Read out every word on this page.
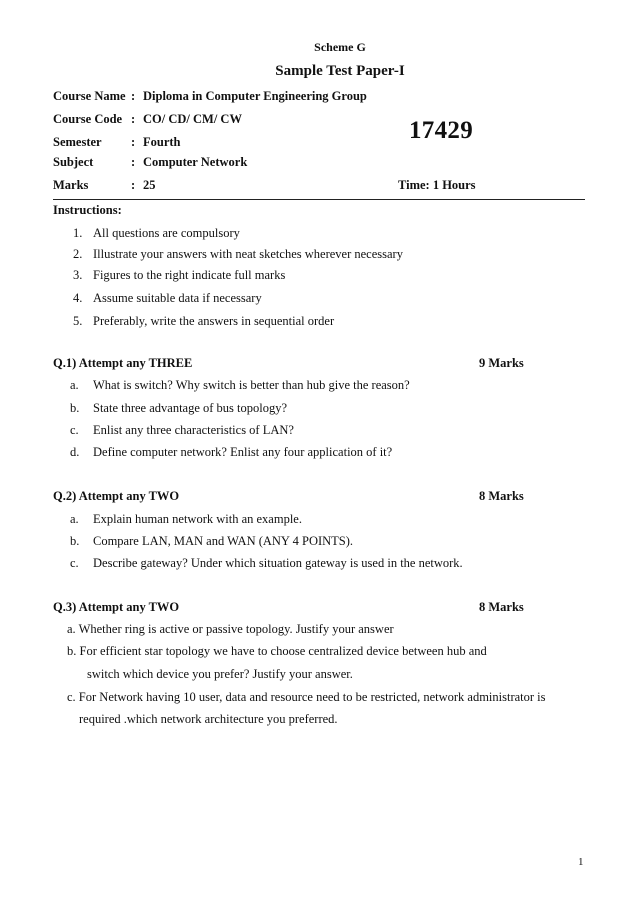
Scheme G
Sample Test Paper-I
Course Name : Diploma in Computer Engineering Group
Course Code : CO/ CD/ CM/ CW
Semester : Fourth
Subject	: Computer Network
Marks	: 25
17429
Time: 1 Hours
Instructions:
1. All questions are compulsory
2. Illustrate your answers with neat sketches wherever necessary
3. Figures to the right indicate full marks
4. Assume suitable data if necessary
5. Preferably, write the answers in sequential order
Q.1) Attempt any THREE	9 Marks
a. What is switch? Why switch is better than hub give the reason?
b. State three advantage of bus topology?
c. Enlist any three characteristics of LAN?
d. Define computer network? Enlist any four application of it?
Q.2) Attempt any TWO	8 Marks
a. Explain human network with an example.
b. Compare LAN, MAN and WAN (ANY 4 POINTS).
c. Describe gateway? Under which situation gateway is used in the network.
Q.3) Attempt any TWO	8 Marks
a. Whether ring is active or passive topology. Justify your answer
b. For efficient star topology we have to choose centralized device between hub and
switch which device you prefer? Justify your answer.
c. For Network having 10 user, data and resource need to be restricted, network administrator is
required .which network architecture you preferred.
1
